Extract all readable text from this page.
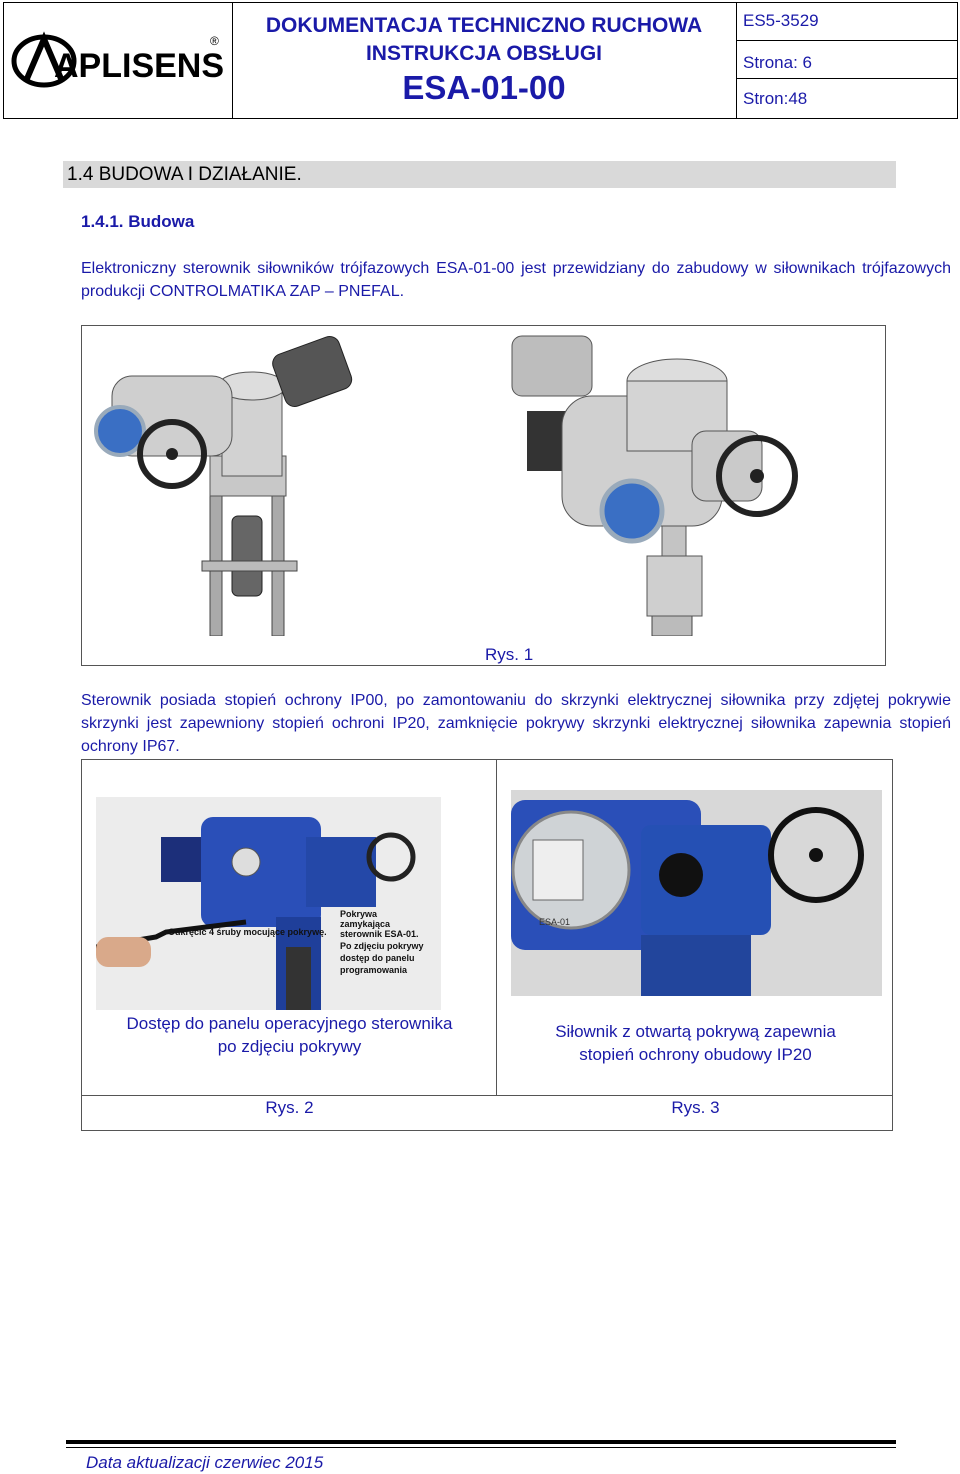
APLISENS
®
DOKUMENTACJA TECHNICZNO RUCHOWA
INSTRUKCJA OBSŁUGI
ESA-01-00
ES5-3529
Strona: 6
Stron:48
1.4 BUDOWA I DZIAŁANIE.
1.4.1. Budowa
Elektroniczny sterownik siłowników trójfazowych ESA-01-00 jest przewidziany do zabudowy w siłownikach trójfazowych produkcji CONTROLMATIKA ZAP – PNEFAL.
Rys. 1
Sterownik posiada stopień ochrony IP00, po zamontowaniu do skrzynki elektrycznej siłownika przy zdjętej pokrywie skrzynki jest zapewniony stopień ochroni IP20, zamknięcie pokrywy skrzynki elektrycznej siłownika zapewnia stopień ochrony IP67.
Odkręcić 4 śruby mocujące pokrywę.
Pokrywa zamykająca sterownik ESA-01. Po zdjęciu pokrywy dostęp do panelu programowania
Dostęp do panelu operacyjnego sterownika
po zdjęciu pokrywy
ESA-01
Siłownik z otwartą pokrywą zapewnia
stopień ochrony obudowy IP20
Rys. 2	Rys. 3
Data aktualizacji czerwiec 2015
